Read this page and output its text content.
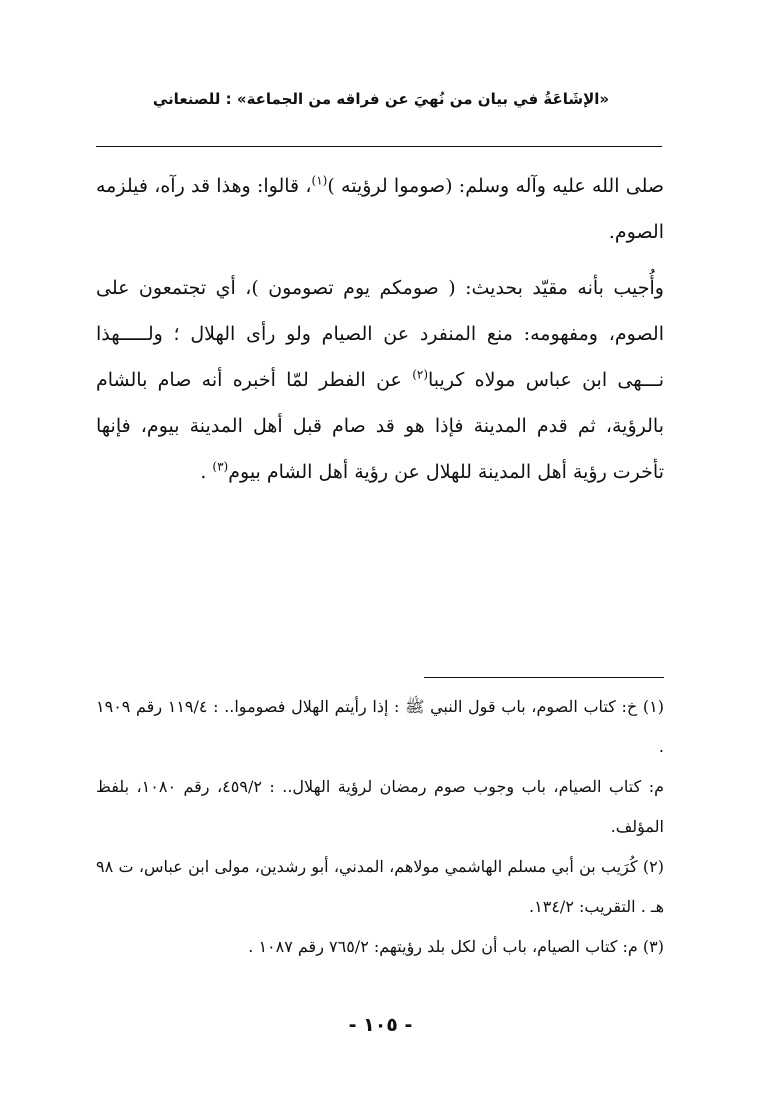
«الإشَاعَةُ في بيان من نُهيَ عن فراقه من الجماعة» : للصنعاني

صلى الله عليه وآله وسلم: (صوموا لرؤيته )$^{(١)}$، قالوا: وهذا قد رآه، فيلزمه الصوم.

وأُجيب بأنه مقيّد بحديث: ( صومكم يوم تصومون )، أي تجتمعون على الصوم، ومفهومه: منع المنفرد عن الصيام ولو رأى الهلال ؛ ولـــــهذا نـــهى ابن عباس مولاه كريبا$^{(٢)}$ عن الفطر لمّا أخبره أنه صام بالشام بالرؤية، ثم قدم المدينة فإذا هو قد صام قبل أهل المدينة بيوم، فإنها تأخرت رؤية أهل المدينة للهلال عن رؤية أهل الشام بيوم$^{(٣)}$ .

(١) خ: كتاب الصوم، باب قول النبي ﷺ : إذا رأيتم الهلال فصوموا.. : ١١٩/٤ رقم ١٩٠٩ .

م: كتاب الصيام، باب وجوب صوم رمضان لرؤية الهلال.. : ٤٥٩/٢، رقم ١٠٨٠، بلفظ المؤلف.

(٢) كُرَيب بن أبي مسلم الهاشمي مولاهم، المدني، أبو رشدين، مولى ابن عباس، ت ٩٨ هـ . التقريب: ١٣٤/٢.

(٣) م: كتاب الصيام، باب أن لكل بلد رؤيتهم: ٧٦٥/٢ رقم ١٠٨٧ .

- ١٠٥ -
